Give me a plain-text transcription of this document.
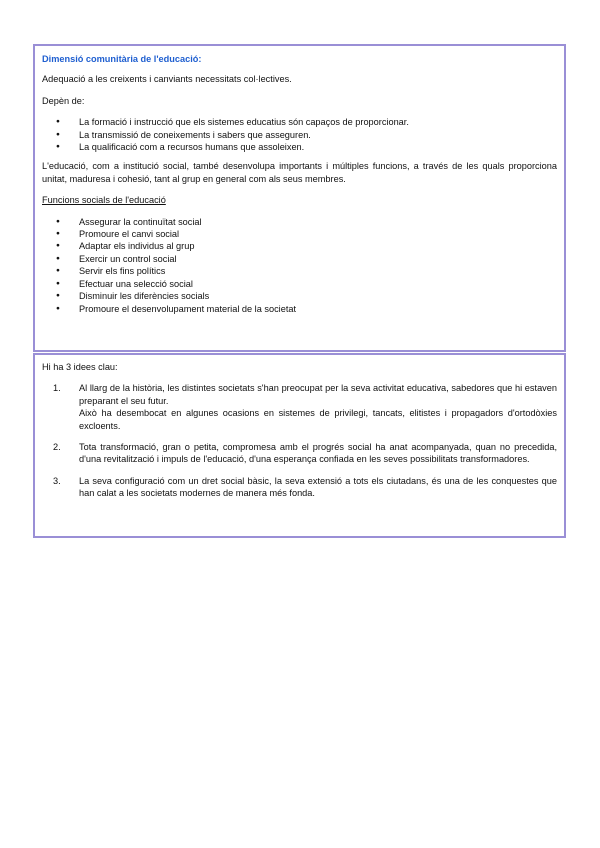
Dimensió comunitària de l'educació:
Adequació a les creixents i canviants necessitats col·lectives.
Depèn de:
● La formació i instrucció que els sistemes educatius són capaços de proporcionar.
● La transmissió de coneixements i sabers que asseguren.
● La qualificació com a recursos humans que assoleixen.
L'educació, com a institució social, també desenvolupa importants i múltiples funcions, a través de les quals proporciona unitat, maduresa i cohesió, tant al grup en general com als seus membres.
Funcions socials de l'educació
● Assegurar la continuïtat social
● Promoure el canvi social
● Adaptar els individus al grup
● Exercir un control social
● Servir els fins polítics
● Efectuar una selecció social
● Disminuir les diferències socials
● Promoure el desenvolupament material de la societat
Hi ha 3 idees clau:
1. Al llarg de la història, les distintes societats s'han preocupat per la seva activitat educativa, sabedores que hi estaven preparant el seu futur.

Això ha desembocat en algunes ocasions en sistemes de privilegi, tancats, elitistes i propagadors d'ortodòxies excloents.

2. Tota transformació, gran o petita, compromesa amb el progrés social ha anat acompanyada, quan no precedida, d'una revitalització i impuls de l'educació, d'una esperança confiada en les seves possibilitats transformadores.

3. La seva configuració com un dret social bàsic, la seva extensió a tots els ciutadans, és una de les conquestes que han calat a les societats modernes de manera més fonda.
